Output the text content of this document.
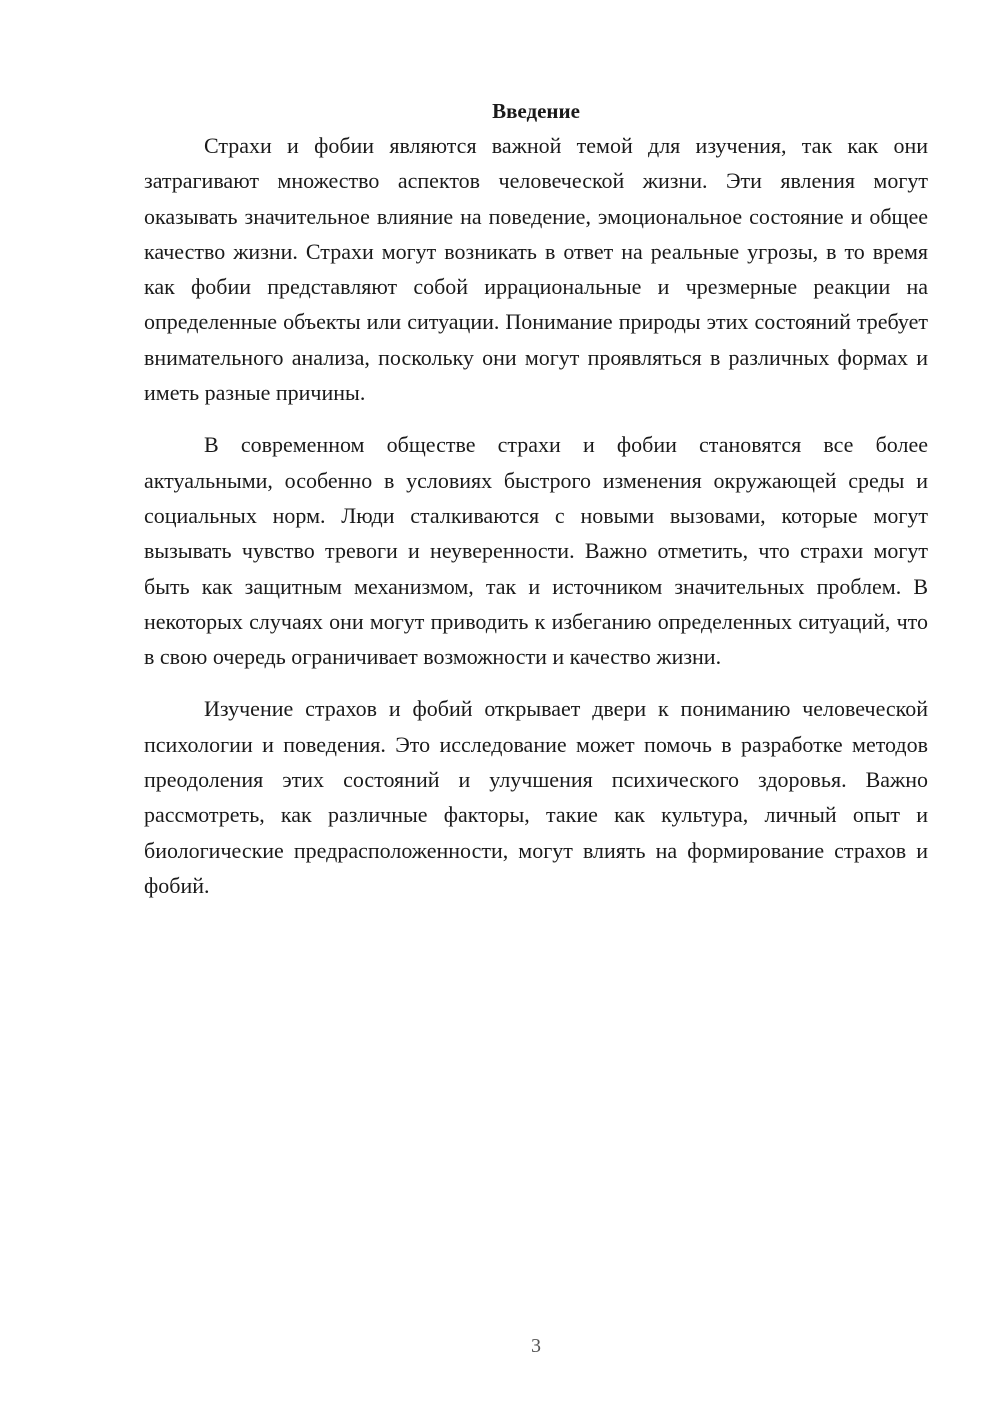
Введение

Страхи и фобии являются важной темой для изучения, так как они затрагивают множество аспектов человеческой жизни. Эти явления могут оказывать значительное влияние на поведение, эмоциональное состояние и общее качество жизни. Страхи могут возникать в ответ на реальные угрозы, в то время как фобии представляют собой иррациональные и чрезмерные реакции на определенные объекты или ситуации. Понимание природы этих состояний требует внимательного анализа, поскольку они могут проявляться в различных формах и иметь разные причины.

В современном обществе страхи и фобии становятся все более актуальными, особенно в условиях быстрого изменения окружающей среды и социальных норм. Люди сталкиваются с новыми вызовами, которые могут вызывать чувство тревоги и неуверенности. Важно отметить, что страхи могут быть как защитным механизмом, так и источником значительных проблем. В некоторых случаях они могут приводить к избеганию определенных ситуаций, что в свою очередь ограничивает возможности и качество жизни.

Изучение страхов и фобий открывает двери к пониманию человеческой психологии и поведения. Это исследование может помочь в разработке методов преодоления этих состояний и улучшения психического здоровья. Важно рассмотреть, как различные факторы, такие как культура, личный опыт и биологические предрасположенности, могут влиять на формирование страхов и фобий.

3
